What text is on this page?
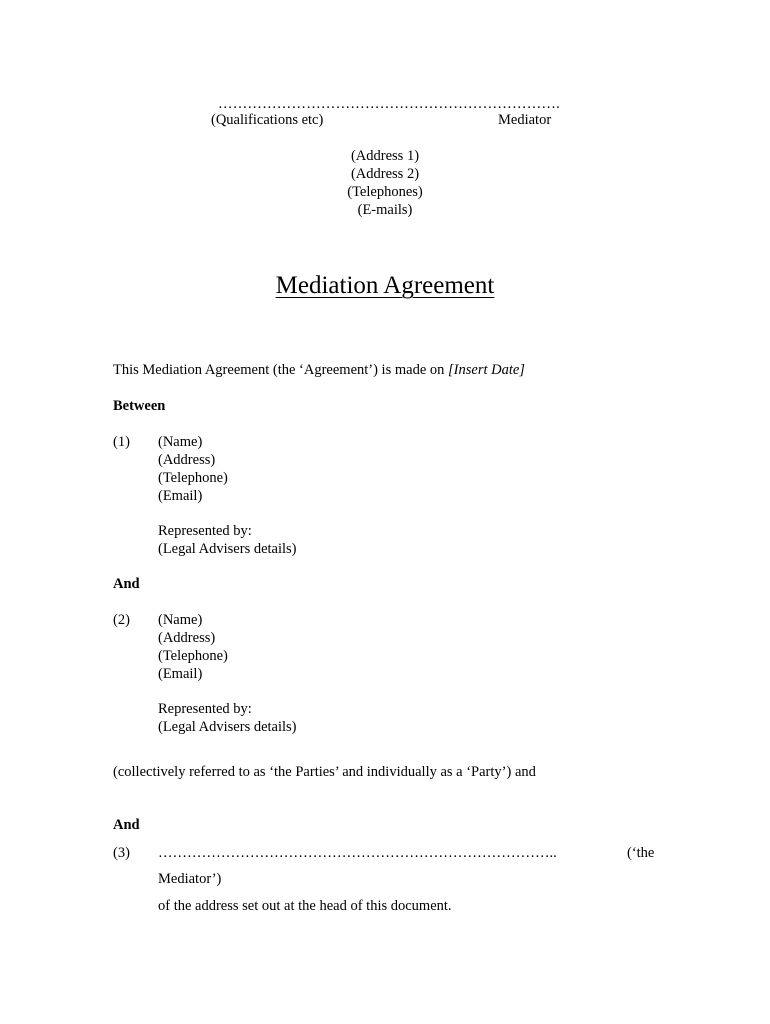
…………………………………………………………….
(Qualifications etc)	Mediator
(Address 1)
(Address 2)
(Telephones)
(E-mails)
Mediation Agreement
This Mediation Agreement (the ‘Agreement’) is made on [Insert Date]
Between
(1) (Name)
(Address)
(Telephone)
(Email)
Represented by:
(Legal Advisers details)
And
(2) (Name)
(Address)
(Telephone)
(Email)
Represented by:
(Legal Advisers details)
(collectively referred to as ‘the Parties’ and individually as a ‘Party’) and
And
(3) ………………………………………………………………………..	(‘the
Mediator’)
of the address set out at the head of this document.
